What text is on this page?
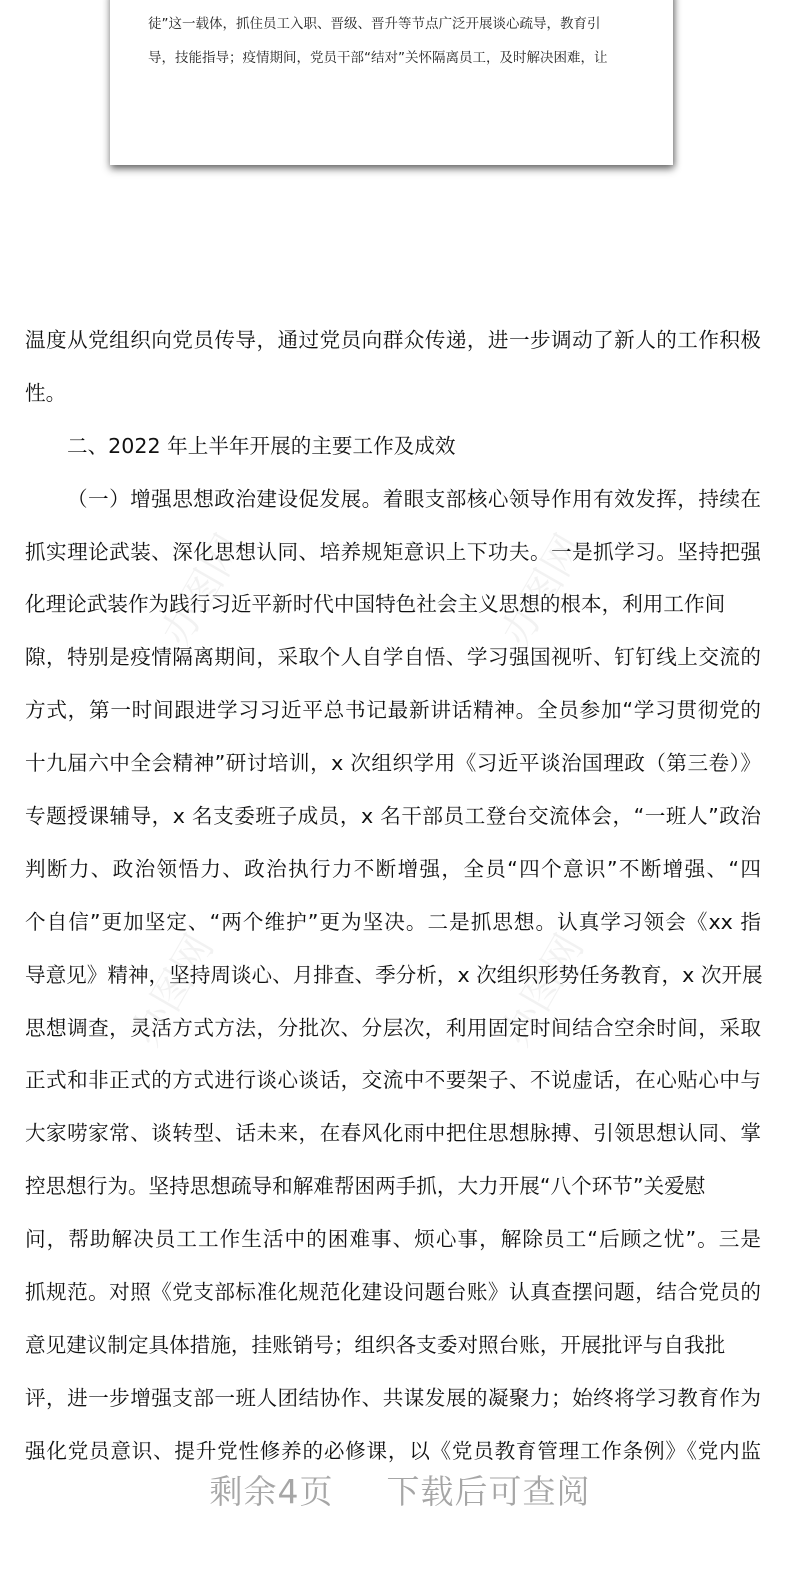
徒”这一载体，抓住员工入职、晋级、晋升等节点广泛开展谈心疏导，教育引
导，技能指导；疫情期间，党员干部“结对”关怀隔离员工，及时解决困难，让
办图网	办图网
办图网	办图网
温度从党组织向党员传导，通过党员向群众传递，进一步调动了新人的工作积极
性。
二、2022 年上半年开展的主要工作及成效
（一）增强思想政治建设促发展。着眼支部核心领导作用有效发挥，持续在
抓实理论武装、深化思想认同、培养规矩意识上下功夫。一是抓学习。坚持把强
化理论武装作为践行习近平新时代中国特色社会主义思想的根本，利用工作间
隙，特别是疫情隔离期间，采取个人自学自悟、学习强国视听、钉钉线上交流的
方式，第一时间跟进学习习近平总书记最新讲话精神。全员参加“学习贯彻党的
十九届六中全会精神”研讨培训，x 次组织学用《习近平谈治国理政（第三卷）》
专题授课辅导，x 名支委班子成员，x 名干部员工登台交流体会，“一班人”政治
判断力、政治领悟力、政治执行力不断增强，全员“四个意识”不断增强、“四
个自信”更加坚定、“两个维护”更为坚决。二是抓思想。认真学习领会《xx 指
导意见》精神，坚持周谈心、月排查、季分析，x 次组织形势任务教育，x 次开展
思想调查，灵活方式方法，分批次、分层次，利用固定时间结合空余时间，采取
正式和非正式的方式进行谈心谈话，交流中不要架子、不说虚话，在心贴心中与
大家唠家常、谈转型、话未来，在春风化雨中把住思想脉搏、引领思想认同、掌
控思想行为。坚持思想疏导和解难帮困两手抓，大力开展“八个环节”关爱慰
问，帮助解决员工工作生活中的困难事、烦心事，解除员工“后顾之忧”。三是
抓规范。对照《党支部标准化规范化建设问题台账》认真查摆问题，结合党员的
意见建议制定具体措施，挂账销号；组织各支委对照台账，开展批评与自我批
评，进一步增强支部一班人团结协作、共谋发展的凝聚力；始终将学习教育作为
强化党员意识、提升党性修养的必修课，以《党员教育管理工作条例》《党内监
剩余4页 下载后可查阅
